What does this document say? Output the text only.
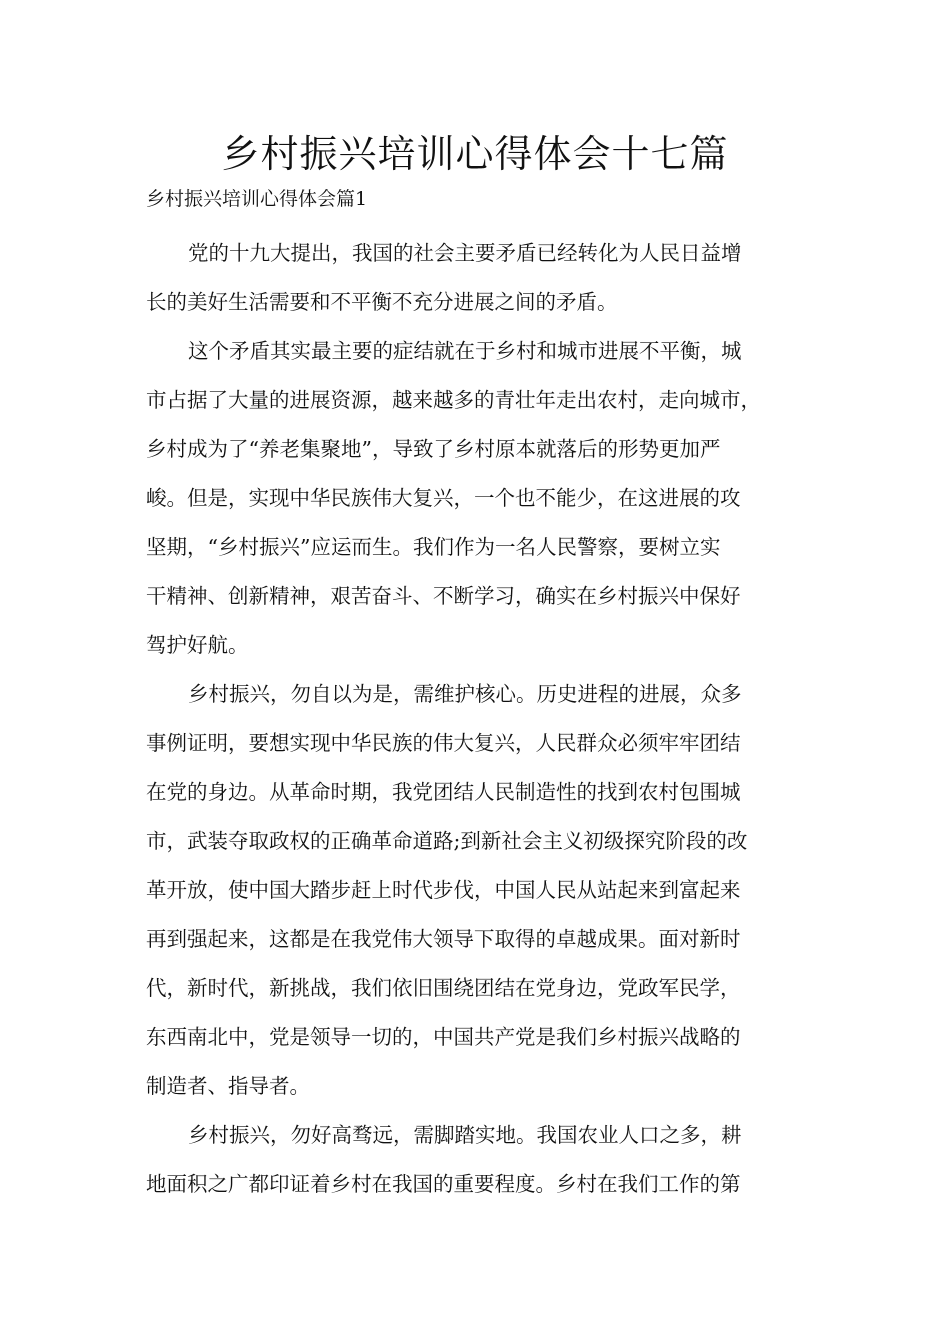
乡村振兴培训心得体会十七篇
乡村振兴培训心得体会篇1

党的十九大提出，我国的社会主要矛盾已经转化为人民日益增
长的美好生活需要和不平衡不充分进展之间的矛盾。

这个矛盾其实最主要的症结就在于乡村和城市进展不平衡，城
市占据了大量的进展资源，越来越多的青壮年走出农村，走向城市，
乡村成为了“养老集聚地”，导致了乡村原本就落后的形势更加严
峻。但是，实现中华民族伟大复兴，一个也不能少，在这进展的攻
坚期，“乡村振兴”应运而生。我们作为一名人民警察，要树立实
干精神、创新精神，艰苦奋斗、不断学习，确实在乡村振兴中保好
驾护好航。

乡村振兴，勿自以为是，需维护核心。历史进程的进展，众多
事例证明，要想实现中华民族的伟大复兴，人民群众必须牢牢团结
在党的身边。从革命时期，我党团结人民制造性的找到农村包围城
市，武装夺取政权的正确革命道路;到新社会主义初级探究阶段的改
革开放，使中国大踏步赶上时代步伐，中国人民从站起来到富起来
再到强起来，这都是在我党伟大领导下取得的卓越成果。面对新时
代，新时代，新挑战，我们依旧围绕团结在党身边，党政军民学，
东西南北中，党是领导一切的，中国共产党是我们乡村振兴战略的
制造者、指导者。

乡村振兴，勿好高骛远，需脚踏实地。我国农业人口之多，耕
地面积之广都印证着乡村在我国的重要程度。乡村在我们工作的第
